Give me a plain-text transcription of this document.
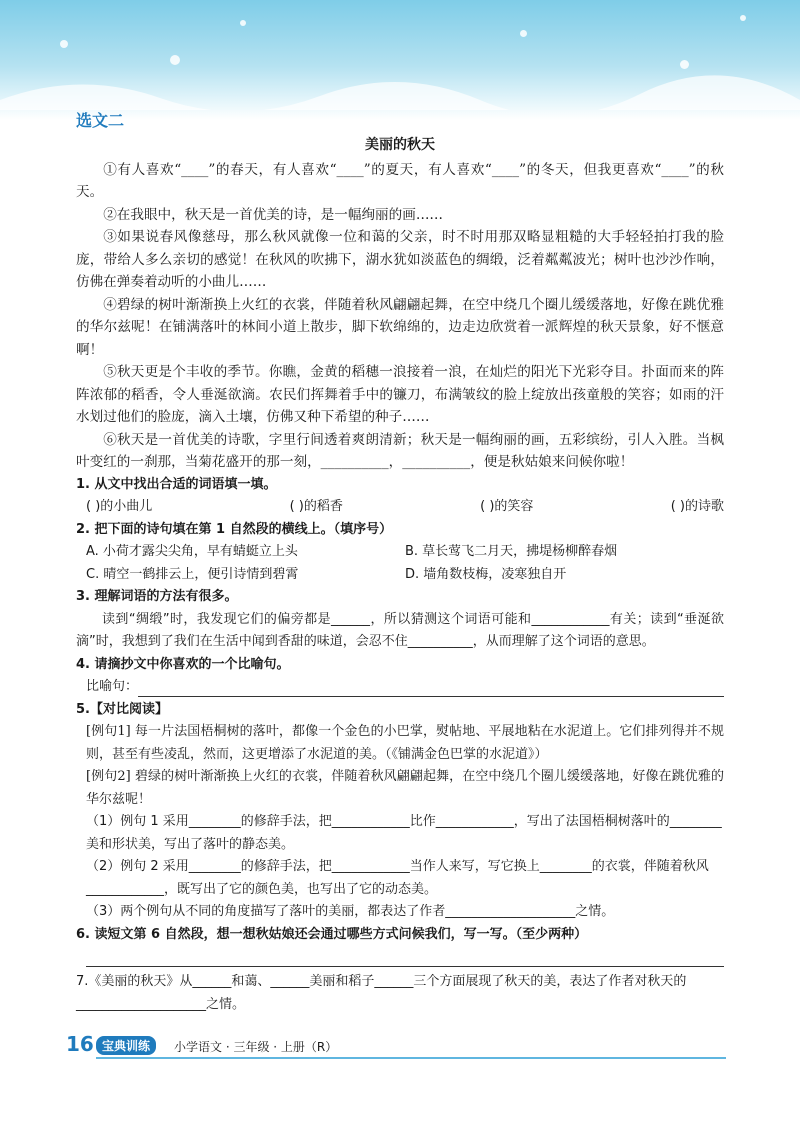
选文二
美丽的秋天

①有人喜欢“____”的春天，有人喜欢“____”的夏天，有人喜欢“____”的冬天，但我更喜欢“____”的秋天。

②在我眼中，秋天是一首优美的诗，是一幅绚丽的画……

③如果说春风像慈母，那么秋风就像一位和蔼的父亲，时不时用那双略显粗糙的大手轻轻拍打我的脸庞，带给人多么亲切的感觉！在秋风的吹拂下，湖水犹如淡蓝色的绸缎，泛着粼粼波光；树叶也沙沙作响，仿佛在弹奏着动听的小曲儿……

④碧绿的树叶渐渐换上火红的衣裳，伴随着秋风翩翩起舞，在空中绕几个圈儿缓缓落地，好像在跳优雅的华尔兹呢！在铺满落叶的林间小道上散步，脚下软绵绵的，边走边欣赏着一派辉煌的秋天景象，好不惬意啊！

⑤秋天更是个丰收的季节。你瞧，金黄的稻穗一浪接着一浪，在灿烂的阳光下光彩夺目。扑面而来的阵阵浓郁的稻香，令人垂涎欲滴。农民们挥舞着手中的镰刀，布满皱纹的脸上绽放出孩童般的笑容；如雨的汗水划过他们的脸庞，滴入土壤，仿佛又种下希望的种子……

⑥秋天是一首优美的诗歌，字里行间透着爽朗清新；秋天是一幅绚丽的画，五彩缤纷，引人入胜。当枫叶变红的一刹那，当菊花盛开的那一刻，__________，__________，便是秋姑娘来问候你啦！

1. 从文中找出合适的词语填一填。

( )的小曲儿	( )的稻香	( )的笑容	( )的诗歌

2. 把下面的诗句填在第 1 自然段的横线上。（填序号）

A. 小荷才露尖尖角，早有蜻蜓立上头	B. 草长莺飞二月天，拂堤杨柳醉春烟
C. 晴空一鹤排云上，便引诗情到碧霄	D. 墙角数枝梅，凌寒独自开

3. 理解词语的方法有很多。

读到“绸缎”时，我发现它们的偏旁都是______，所以猜测这个词语可能和____________有关；读到“垂涎欲滴”时，我想到了我们在生活中闻到香甜的味道，会忍不住__________，从而理解了这个词语的意思。

4. 请摘抄文中你喜欢的一个比喻句。

比喻句：

5.【对比阅读】

[例句1] 每一片法国梧桐树的落叶，都像一个金色的小巴掌，熨帖地、平展地粘在水泥道上。它们排列得并不规则，甚至有些凌乱，然而，这更增添了水泥道的美。（《铺满金色巴掌的水泥道》）

[例句2] 碧绿的树叶渐渐换上火红的衣裳，伴随着秋风翩翩起舞，在空中绕几个圈儿缓缓落地，好像在跳优雅的华尔兹呢！

（1）例句 1 采用________的修辞手法，把____________比作____________，写出了法国梧桐树落叶的________美和形状美，写出了落叶的静态美。

（2）例句 2 采用________的修辞手法，把____________当作人来写，写它换上________的衣裳，伴随着秋风____________，既写出了它的颜色美，也写出了它的动态美。

（3）两个例句从不同的角度描写了落叶的美丽，都表达了作者____________________之情。

6. 读短文第 6 自然段，想一想秋姑娘还会通过哪些方式问候我们，写一写。（至少两种）

7.《美丽的秋天》从______和蔼、______美丽和稻子______三个方面展现了秋天的美，表达了作者对秋天的____________________之情。

16 宝典训练	小学语文 · 三年级 · 上册（R）
